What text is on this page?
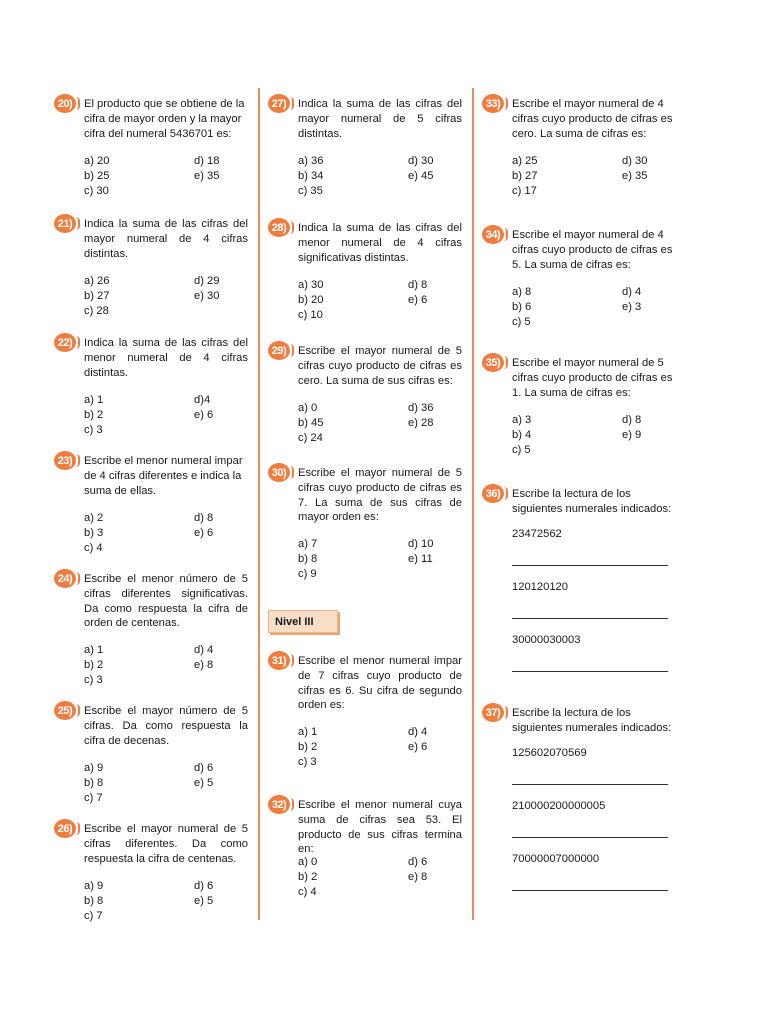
Nivel III
20)	El producto que se obtiene de la cifra de mayor orden y la mayor cifra del numeral 5436701 es:
a) 20	d) 18
b) 25	e) 35
c) 30
21)	Indica la suma de las cifras del mayor numeral de 4 cifras distintas.
a) 26	d) 29
b) 27	e) 30
c) 28
22)	Indica la suma de las cifras del menor numeral de 4 cifras distintas.
a) 1	d)4
b) 2	e) 6
c) 3
23)	Escribe el menor numeral impar de 4 cifras diferentes e indica la suma de ellas.
a) 2	d) 8
b) 3	e) 6
c) 4
24)	Escribe el menor número de 5 cifras diferentes significativas. Da como respuesta la cifra de orden de centenas.
a) 1	d) 4
b) 2	e) 8
c) 3
25)	Escribe el mayor número de 5 cifras. Da como respuesta la cifra de decenas.
a) 9	d) 6
b) 8	e) 5
c) 7
26)	Escribe el mayor numeral de 5 cifras diferentes. Da como respuesta la cifra de centenas.
a) 9	d) 6
b) 8	e) 5
c) 7
27)	Indica la suma de las cifras del mayor numeral de 5 cifras distintas.
a) 36	d) 30
b) 34	e) 45
c) 35
28)	Indica la suma de las cifras del menor numeral de 4 cifras significativas distintas.
a) 30	d) 8
b) 20	e) 6
c) 10
29)	Escribe el mayor numeral de 5 cifras cuyo producto de cifras es cero. La suma de sus cifras es:
a) 0	d) 36
b) 45	e) 28
c) 24
30)	Escribe el mayor numeral de 5 cifras cuyo producto de cifras es 7. La suma de sus cifras de mayor orden es:
a) 7	d) 10
b) 8	e) 11
c) 9
31)	Escribe el menor numeral impar de 7 cifras cuyo producto de cifras es 6. Su cifra de segundo orden es:
a) 1	d) 4
b) 2	e) 6
c) 3
32)	Escribe el menor numeral cuya suma de cifras sea 53. El producto de sus cifras termina en:
a) 0	d) 6
b) 2	e) 8
c) 4
33)	Escribe el mayor numeral de 4 cifras cuyo producto de cifras es cero. La suma de cifras es:
a) 25	d) 30
b) 27	e) 35
c) 17
34)	Escribe el mayor numeral de 4 cifras cuyo producto de cifras es 5. La suma de cifras es:
a) 8	d) 4
b) 6	e) 3
c) 5
35)	Escribe el mayor numeral de 5 cifras cuyo producto de cifras es 1. La suma de cifras es:
a) 3	d) 8
b) 4	e) 9
c) 5
36)	Escribe la lectura de los siguientes numerales indicados:
23472562
120120120
30000030003
37)	Escribe la lectura de los siguientes numerales indicados:
125602070569
210000200000005
70000007000000
